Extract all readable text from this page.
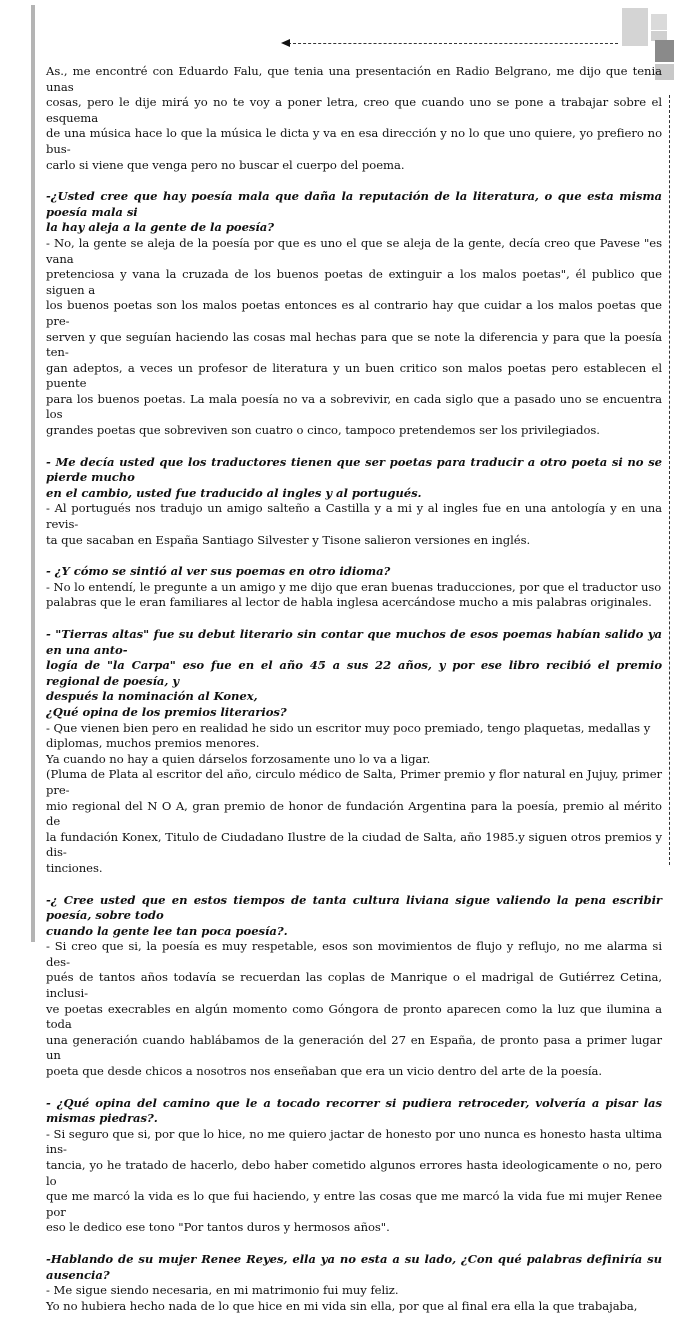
As., me encontré con Eduardo Falu, que tenia una presentación en Radio Belgrano, me dijo que tenia unas
cosas, pero le dije mirá yo no te voy a poner letra, creo que cuando uno se pone a trabajar sobre el esquema
de una música hace lo que la música le dicta y va en esa dirección y no lo que uno quiere, yo prefiero no bus-
carlo si viene que venga pero no buscar el cuerpo del poema.
-¿Usted cree que hay poesía mala que daña la reputación de la literatura, o que esta misma poesía mala si
la hay aleja a la gente de la poesía?
- No, la gente se aleja de la poesía por que es uno el que se aleja de la gente, decía creo que Pavese "es vana
pretenciosa y vana la cruzada de los buenos poetas de extinguir a los malos poetas", él publico que siguen a
los buenos poetas son los malos poetas entonces es al contrario hay que cuidar a los malos poetas que pre-
serven y que seguían haciendo las cosas mal hechas para que se note la diferencia y para que la poesía ten-
gan adeptos, a veces un profesor de literatura y un buen critico son malos poetas pero establecen el puente
para los buenos poetas. La mala poesía no va a sobrevivir, en cada siglo que a pasado uno se encuentra los
grandes poetas que sobreviven son cuatro o cinco, tampoco pretendemos ser los privilegiados.
- Me decía usted que los traductores tienen que ser poetas para traducir a otro poeta si no se pierde mucho
en el cambio, usted fue traducido al ingles y al portugués.
- Al portugués nos tradujo un amigo salteño a Castilla y a mi y al ingles fue en una antología y en una revis-
ta que sacaban en España Santiago Silvester y Tisone salieron versiones en inglés.
- ¿Y cómo se sintió al ver sus poemas en otro idioma?
- No lo entendí, le pregunte a un amigo y me dijo que eran buenas traducciones, por que el traductor uso
palabras que le eran familiares al lector de habla inglesa acercándose mucho a mis palabras originales.
- "Tierras altas" fue su debut literario sin contar que muchos de esos poemas habían salido ya en una anto-
logía de "la Carpa" eso fue en el año 45 a sus 22 años, y por ese libro recibió el premio regional de poesía, y
después la nominación al Konex,
¿Qué opina de los premios literarios?
- Que vienen bien pero en realidad he sido un escritor muy poco premiado, tengo plaquetas, medallas y
diplomas, muchos premios menores.
Ya cuando no hay a quien dárselos forzosamente uno lo va a ligar.
(Pluma de Plata al escritor del año, circulo médico de Salta, Primer premio y flor natural en Jujuy, primer pre-
mio regional del N O A, gran premio de honor de fundación Argentina para la poesía, premio al mérito de
la fundación Konex, Titulo de Ciudadano Ilustre de la ciudad de Salta, año 1985.y siguen otros premios y dis-
tinciones.
-¿ Cree usted que en estos tiempos de tanta cultura liviana sigue valiendo la pena escribir poesía, sobre todo
cuando la gente lee tan poca poesía?.
- Si creo que si, la poesía es muy respetable, esos son movimientos de flujo y reflujo, no me alarma si des-
pués de tantos años todavía se recuerdan las coplas de Manrique o el madrigal de Gutiérrez Cetina, inclusi-
ve poetas execrables en algún momento como Góngora de pronto aparecen como la luz que ilumina a toda
una generación cuando hablábamos de la generación del 27 en España, de pronto pasa a primer lugar un
poeta que desde chicos a nosotros nos enseñaban que era un vicio dentro del arte de la poesía.
- ¿Qué opina del camino que le a tocado recorrer si pudiera retroceder, volvería a pisar las mismas piedras?.
- Si seguro que si, por que lo hice, no me quiero jactar de honesto por uno nunca es honesto hasta ultima ins-
tancia, yo he tratado de hacerlo, debo haber cometido algunos errores hasta ideologicamente o no, pero lo
que me marcó la vida es lo que fui haciendo, y entre las cosas que me marcó la vida fue mi mujer Renee por
eso le dedico ese tono "Por tantos duros y hermosos años".
-Hablando de su mujer Renee Reyes, ella ya no esta a su lado, ¿Con qué palabras definiría su ausencia?
- Me sigue siendo necesaria, en mi matrimonio fui muy feliz.
Yo no hubiera hecho nada de lo que hice en mi vida sin ella, por que al final era ella la que trabajaba,
